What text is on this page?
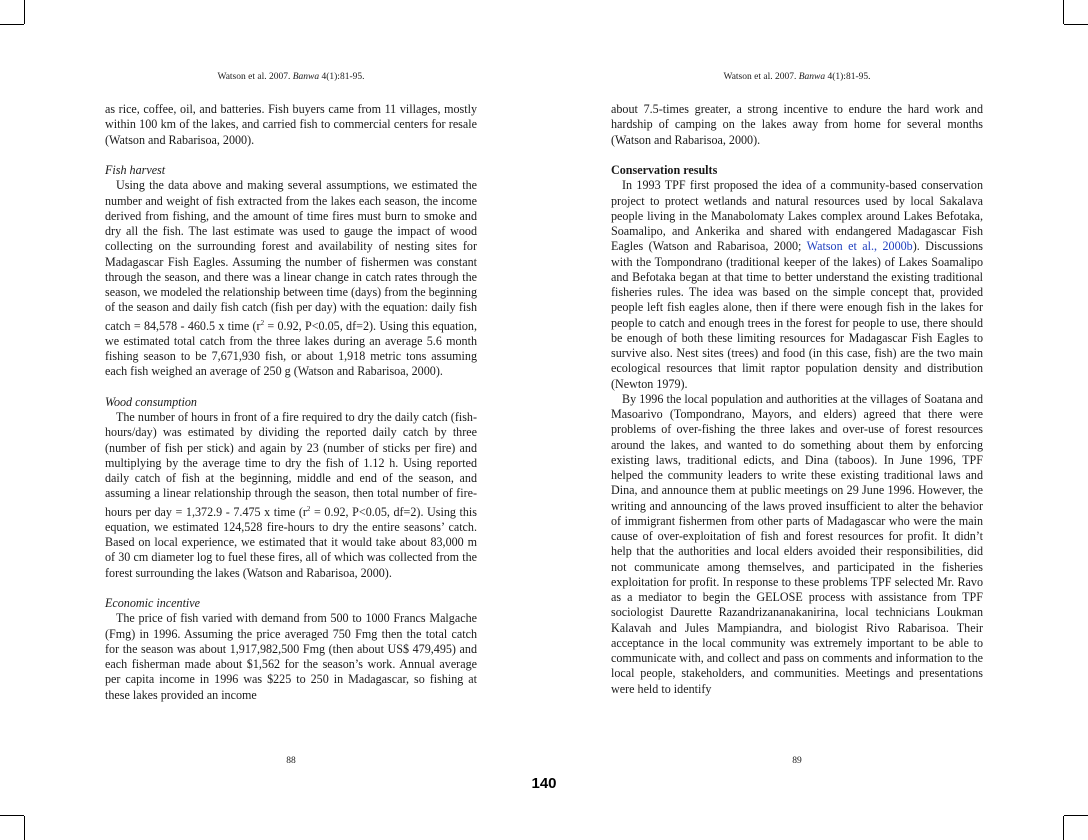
Watson et al. 2007. Banwa 4(1):81-95.

as rice, coffee, oil, and batteries. Fish buyers came from 11 villages, mostly within 100 km of the lakes, and carried fish to commercial centers for resale (Watson and Rabarisoa, 2000).

Fish harvest

Using the data above and making several assumptions, we estimated the number and weight of fish extracted from the lakes each season, the income derived from fishing, and the amount of time fires must burn to smoke and dry all the fish. The last estimate was used to gauge the impact of wood collecting on the surrounding forest and availability of nesting sites for Madagascar Fish Eagles. Assuming the number of fishermen was constant through the season, and there was a linear change in catch rates through the season, we modeled the relationship between time (days) from the beginning of the season and daily fish catch (fish per day) with the equation: daily fish catch = 84,578 - 460.5 x time ($r^2 = 0.92$, P<0.05, df=2). Using this equation, we estimated total catch from the three lakes during an average 5.6 month fishing season to be 7,671,930 fish, or about 1,918 metric tons assuming each fish weighed an average of 250 g (Watson and Rabarisoa, 2000).

Wood consumption

The number of hours in front of a fire required to dry the daily catch (fish-hours/day) was estimated by dividing the reported daily catch by three (number of fish per stick) and again by 23 (number of sticks per fire) and multiplying by the average time to dry the fish of 1.12 h. Using reported daily catch of fish at the beginning, middle and end of the season, and assuming a linear relationship through the season, then total number of fire-hours per day = 1,372.9 - 7.475 x time ($r^2 = 0.92$, P<0.05, df=2). Using this equation, we estimated 124,528 fire-hours to dry the entire seasons’ catch. Based on local experience, we estimated that it would take about 83,000 m of 30 cm diameter log to fuel these fires, all of which was collected from the forest surrounding the lakes (Watson and Rabarisoa, 2000).

Economic incentive

The price of fish varied with demand from 500 to 1000 Francs Malgache (Fmg) in 1996. Assuming the price averaged 750 Fmg then the total catch for the season was about 1,917,982,500 Fmg (then about US$ 479,495) and each fisherman made about $1,562 for the season’s work. Annual average per capita income in 1996 was $225 to 250 in Madagascar, so fishing at these lakes provided an income

88
Watson et al. 2007. Banwa 4(1):81-95.

about 7.5-times greater, a strong incentive to endure the hard work and hardship of camping on the lakes away from home for several months (Watson and Rabarisoa, 2000).

Conservation results

In 1993 TPF first proposed the idea of a community-based conservation project to protect wetlands and natural resources used by local Sakalava people living in the Manabolomaty Lakes complex around Lakes Befotaka, Soamalipo, and Ankerika and shared with endangered Madagascar Fish Eagles (Watson and Rabarisoa, 2000; Watson et al., 2000b). Discussions with the Tompondrano (traditional keeper of the lakes) of Lakes Soamalipo and Befotaka began at that time to better understand the existing traditional fisheries rules. The idea was based on the simple concept that, provided people left fish eagles alone, then if there were enough fish in the lakes for people to catch and enough trees in the forest for people to use, there should be enough of both these limiting resources for Madagascar Fish Eagles to survive also. Nest sites (trees) and food (in this case, fish) are the two main ecological resources that limit raptor population density and distribution (Newton 1979).

By 1996 the local population and authorities at the villages of Soatana and Masoarivo (Tompondrano, Mayors, and elders) agreed that there were problems of over-fishing the three lakes and over-use of forest resources around the lakes, and wanted to do something about them by enforcing existing laws, traditional edicts, and Dina (taboos). In June 1996, TPF helped the community leaders to write these existing traditional laws and Dina, and announce them at public meetings on 29 June 1996. However, the writing and announcing of the laws proved insufficient to alter the behavior of immigrant fishermen from other parts of Madagascar who were the main cause of over-exploitation of fish and forest resources for profit. It didn’t help that the authorities and local elders avoided their responsibilities, did not communicate among themselves, and participated in the fisheries exploitation for profit. In response to these problems TPF selected Mr. Ravo as a mediator to begin the GELOSE process with assistance from TPF sociologist Daurette Razandrizananakanirina, local technicians Loukman Kalavah and Jules Mampiandra, and biologist Rivo Rabarisoa. Their acceptance in the local community was extremely important to be able to communicate with, and collect and pass on comments and information to the local people, stakeholders, and communities. Meetings and presentations were held to identify

89
140
